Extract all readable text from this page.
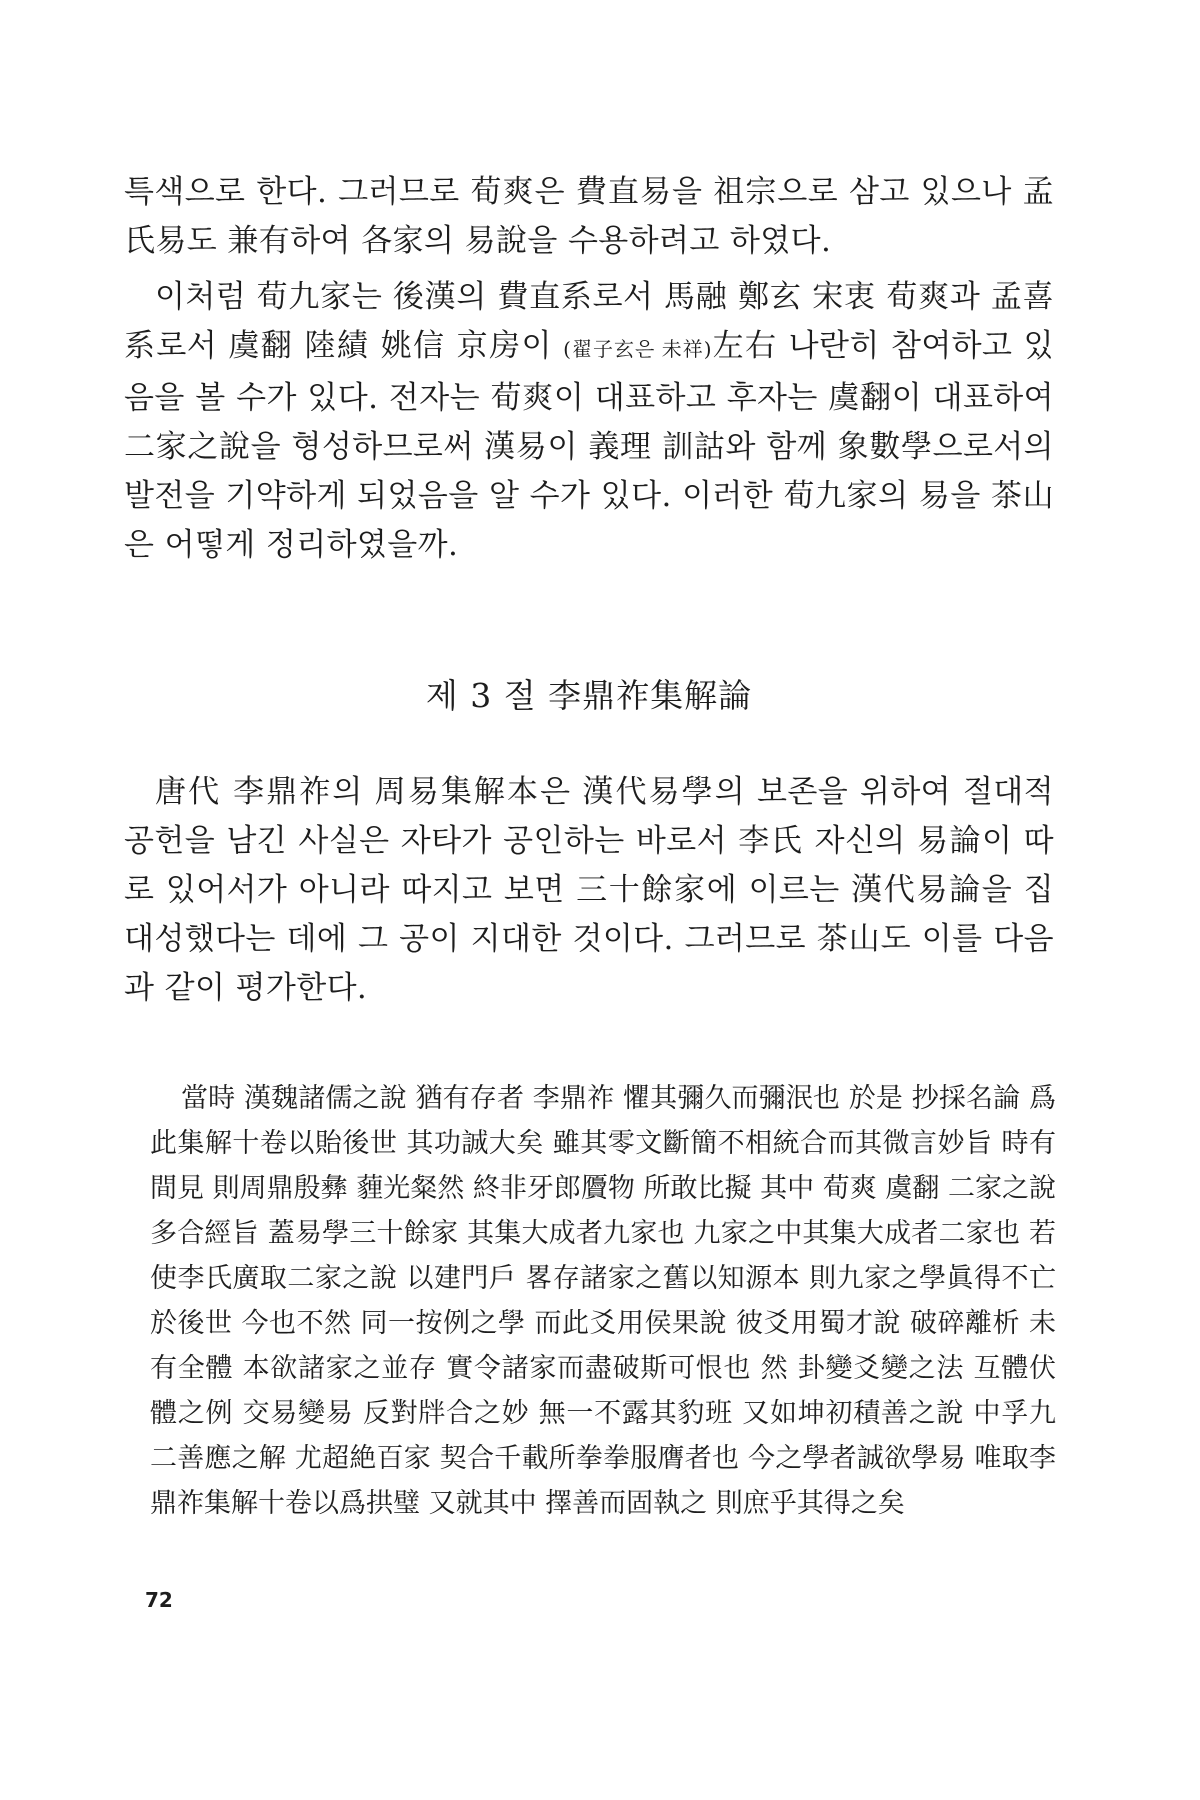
특색으로 한다. 그러므로 荀爽은 費直易을 祖宗으로 삼고 있으나 孟氏易도 兼有하여 各家의 易說을 수용하려고 하였다.

이처럼 荀九家는 後漢의 費直系로서 馬融 鄭玄 宋衷 荀爽과 孟喜系로서 虞翻 陸績 姚信 京房이 (翟子玄은 未祥)左右 나란히 참여하고 있음을 볼 수가 있다. 전자는 荀爽이 대표하고 후자는 虞翻이 대표하여 二家之說을 형성하므로써 漢易이 義理 訓詁와 함께 象數學으로서의 발전을 기약하게 되었음을 알 수가 있다. 이러한 荀九家의 易을 茶山은 어떻게 정리하였을까.

제 3 절 李鼎祚集解論

唐代 李鼎祚의 周易集解本은 漢代易學의 보존을 위하여 절대적 공헌을 남긴 사실은 자타가 공인하는 바로서 李氏 자신의 易論이 따로 있어서가 아니라 따지고 보면 三十餘家에 이르는 漢代易論을 집대성했다는 데에 그 공이 지대한 것이다. 그러므로 茶山도 이를 다음과 같이 평가한다.

當時 漢魏諸儒之說 猶有存者 李鼎祚 懼其彌久而彌泯也 於是 抄採名論 爲此集解十卷以貽後世 其功誠大矣 雖其零文斷簡不相統合而其微言妙旨 時有間見 則周鼎殷彝 薶光粲然 終非牙郎贗物 所敢比擬 其中 荀爽 虞翻 二家之說 多合經旨 蓋易學三十餘家 其集大成者九家也 九家之中其集大成者二家也 若使李氏廣取二家之說 以建門戶 畧存諸家之舊以知源本 則九家之學眞得不亡於後世 今也不然 同一按例之學 而此爻用侯果說 彼爻用蜀才說 破碎離析 未有全體 本欲諸家之並存 實令諸家而盡破斯可恨也 然 卦變爻變之法 互體伏體之例 交易變易 反對牉合之妙 無一不露其豹班 又如坤初積善之說 中孚九二善應之解 尤超絶百家 契合千載所拳拳服膺者也 今之學者誠欲學易 唯取李鼎祚集解十卷以爲拱璧 又就其中 擇善而固執之 則庶乎其得之矣

72
